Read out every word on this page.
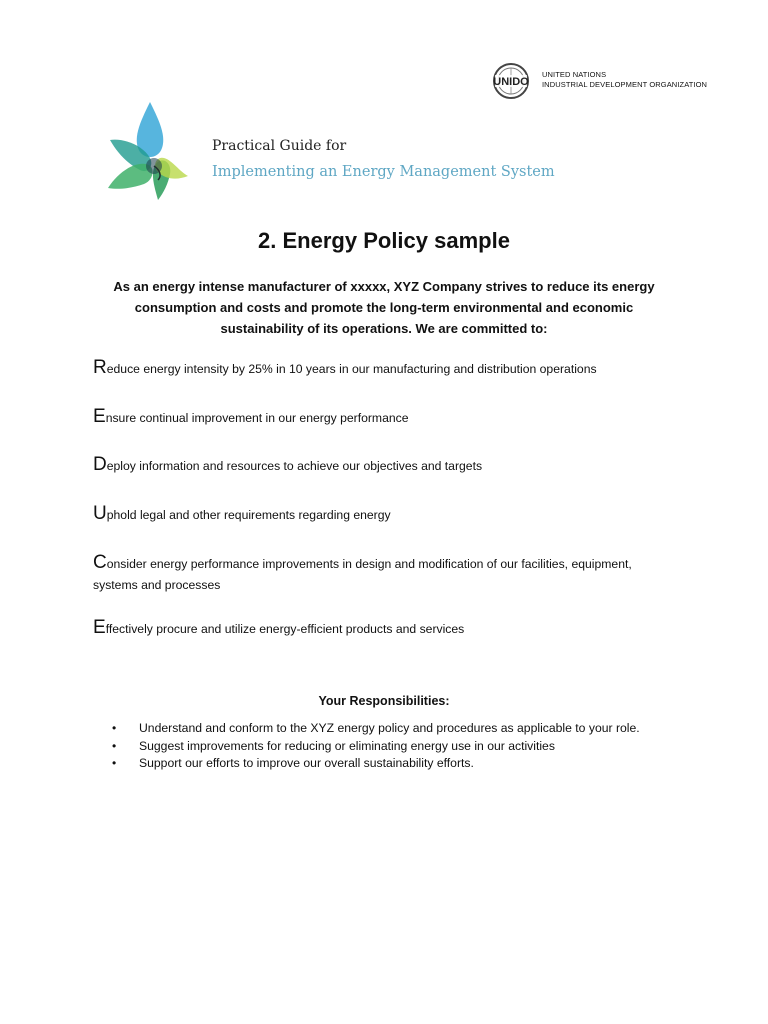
UNIDO
UNITED NATIONS
INDUSTRIAL DEVELOPMENT ORGANIZATION
Practical Guide for
Implementing an Energy Management System
2. Energy Policy sample
As an energy intense manufacturer of xxxxx, XYZ Company strives to reduce its energy consumption and costs and promote the long-term environmental and economic sustainability of its operations. We are committed to:
Reduce energy intensity by 25% in 10 years in our manufacturing and distribution operations
Ensure continual improvement in our energy performance
Deploy information and resources to achieve our objectives and targets
Uphold legal and other requirements regarding energy
Consider energy performance improvements in design and modification of our facilities, equipment, systems and processes
Effectively procure and utilize energy-efficient products and services
Your Responsibilities:
• Understand and conform to the XYZ energy policy and procedures as applicable to your role.
• Suggest improvements for reducing or eliminating energy use in our activities
• Support our efforts to improve our overall sustainability efforts.
